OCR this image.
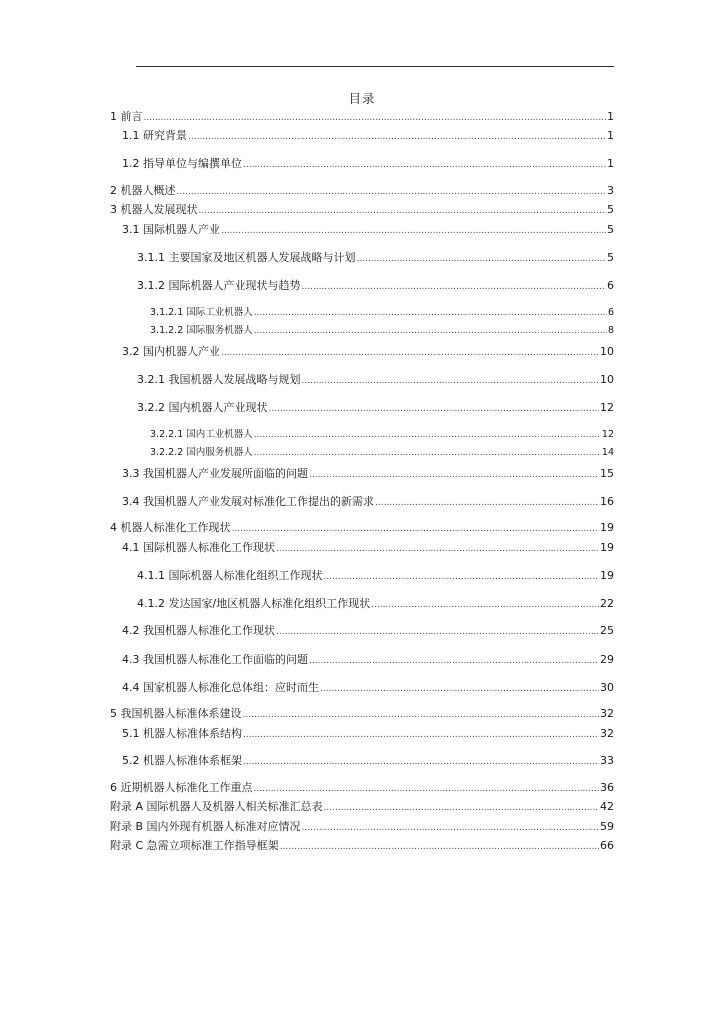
目录
1 前言 .....	1
1.1 研究背景 .....	1
1.2 指导单位与编撰单位 .....	1
2 机器人概述 .....	3
3 机器人发展现状 .....	5
3.1 国际机器人产业 .....	5
3.1.1 主要国家及地区机器人发展战略与计划 .....	5
3.1.2 国际机器人产业现状与趋势 .....	6
3.1.2.1 国际工业机器人 .....	6
3.1.2.2 国际服务机器人 .....	8
3.2 国内机器人产业 .....	10
3.2.1 我国机器人发展战略与规划 .....	10
3.2.2 国内机器人产业现状 .....	12
3.2.2.1 国内工业机器人 .....	12
3.2.2.2 国内服务机器人 .....	14
3.3 我国机器人产业发展所面临的问题 .....	15
3.4 我国机器人产业发展对标准化工作提出的新需求 .....	16
4 机器人标准化工作现状 .....	19
4.1 国际机器人标准化工作现状 .....	19
4.1.1 国际机器人标准化组织工作现状 .....	19
4.1.2 发达国家/地区机器人标准化组织工作现状 .....	22
4.2 我国机器人标准化工作现状 .....	25
4.3 我国机器人标准化工作面临的问题 .....	29
4.4 国家机器人标准化总体组：应时而生 .....	30
5 我国机器人标准体系建设 .....	32
5.1 机器人标准体系结构 .....	32
5.2 机器人标准体系框架 .....	33
6 近期机器人标准化工作重点 .....	36
附录 A 国际机器人及机器人相关标准汇总表 .....	42
附录 B 国内外现有机器人标准对应情况 .....	59
附录 C 急需立项标准工作指导框架 .....	66
